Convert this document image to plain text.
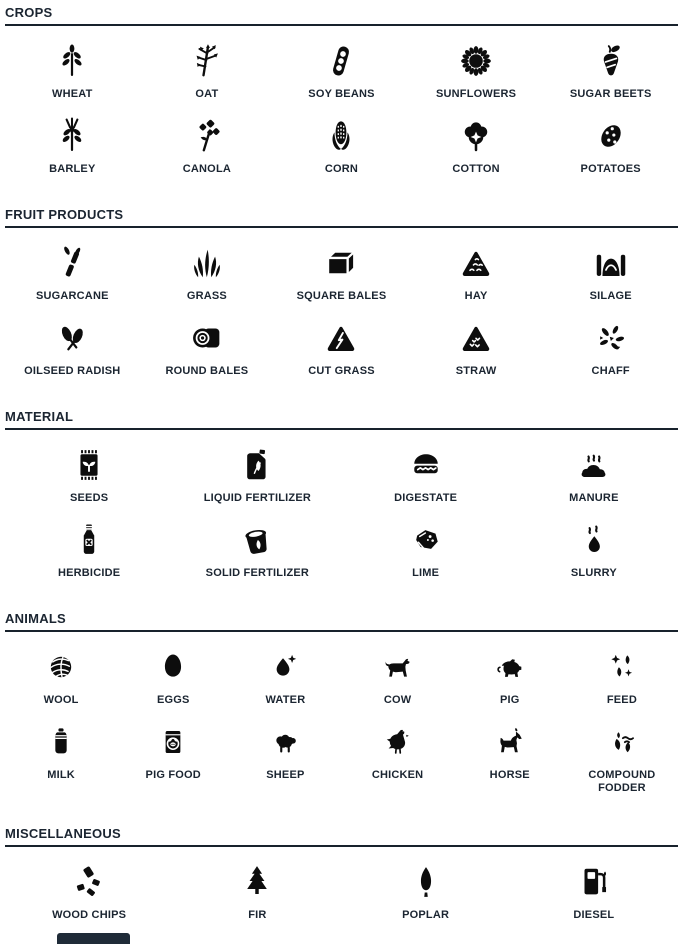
CROPS
WHEAT	OAT	SOY BEANS	SUNFLOWERS	SUGAR BEETS
BARLEY	CANOLA	CORN	COTTON	POTATOES
FRUIT PRODUCTS
SUGARCANE	GRASS	SQUARE BALES	HAY	SILAGE
OILSEED RADISH	ROUND BALES	CUT GRASS	STRAW	CHAFF
MATERIAL
SEEDS	LIQUID FERTILIZER	DIGESTATE	MANURE
HERBICIDE	SOLID FERTILIZER	LIME	SLURRY
ANIMALS
WOOL	EGGS	WATER	COW	PIG	FEED
MILK	PIG FOOD	SHEEP	CHICKEN	HORSE	COMPOUND FODDER
MISCELLANEOUS
WOOD CHIPS	FIR	POPLAR	DIESEL
